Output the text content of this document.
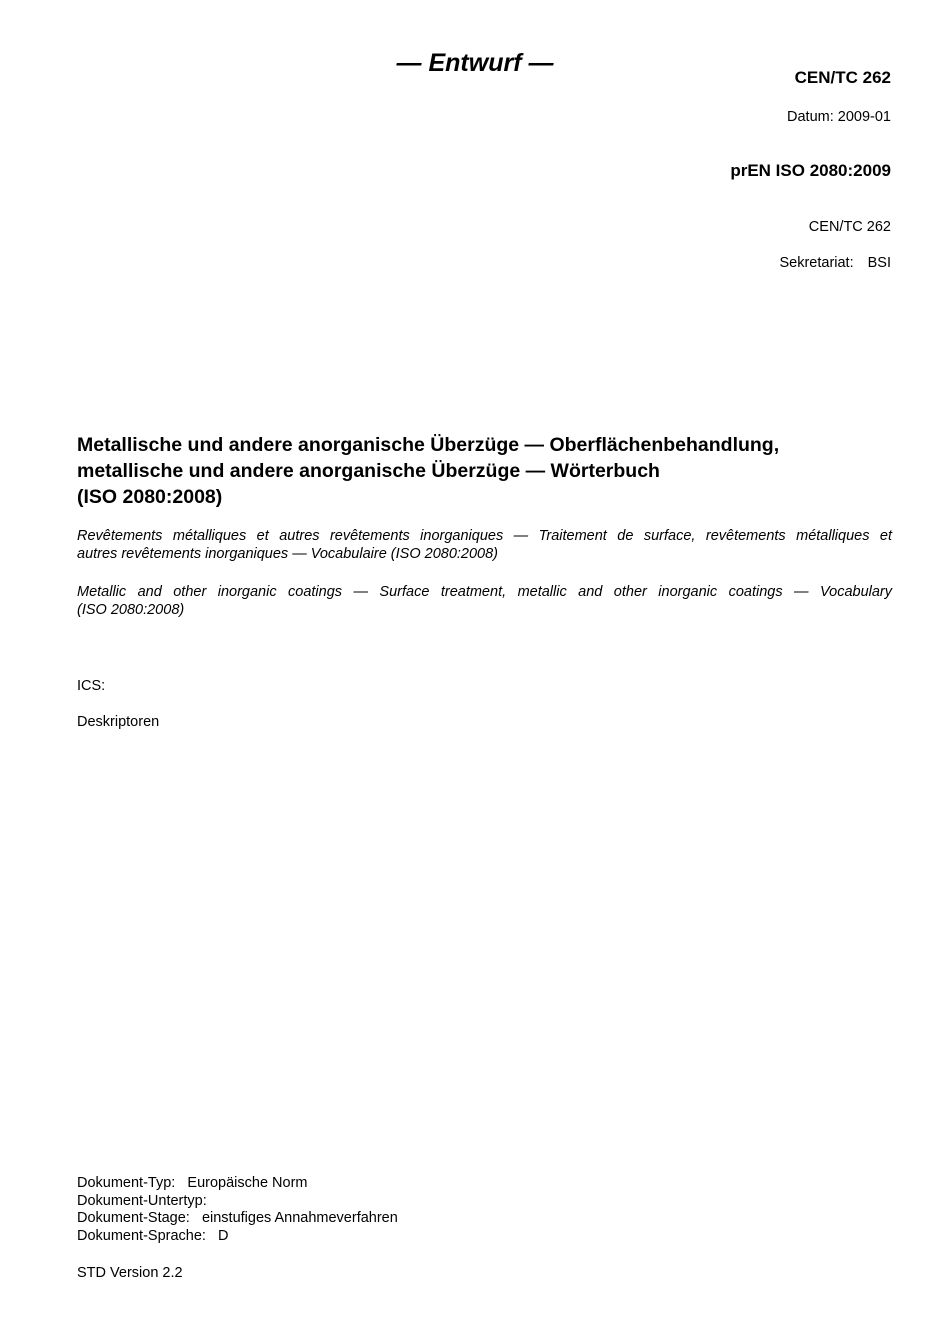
— Entwurf —
CEN/TC 262
Datum: 2009-01
prEN ISO 2080:2009
CEN/TC 262
Sekretariat: BSI
Metallische und andere anorganische Überzüge — Oberflächenbehandlung,
metallische und andere anorganische Überzüge — Wörterbuch
(ISO 2080:2008)
Revêtements métalliques et autres revêtements inorganiques — Traitement de surface, revêtements métalliques et
autres revêtements inorganiques — Vocabulaire (ISO 2080:2008)
Metallic and other inorganic coatings — Surface treatment, metallic and other inorganic coatings — Vocabulary
(ISO 2080:2008)
ICS:
Deskriptoren
Dokument-Typ: Europäische Norm
Dokument-Untertyp:
Dokument-Stage: einstufiges Annahmeverfahren
Dokument-Sprache: D
STD Version 2.2
